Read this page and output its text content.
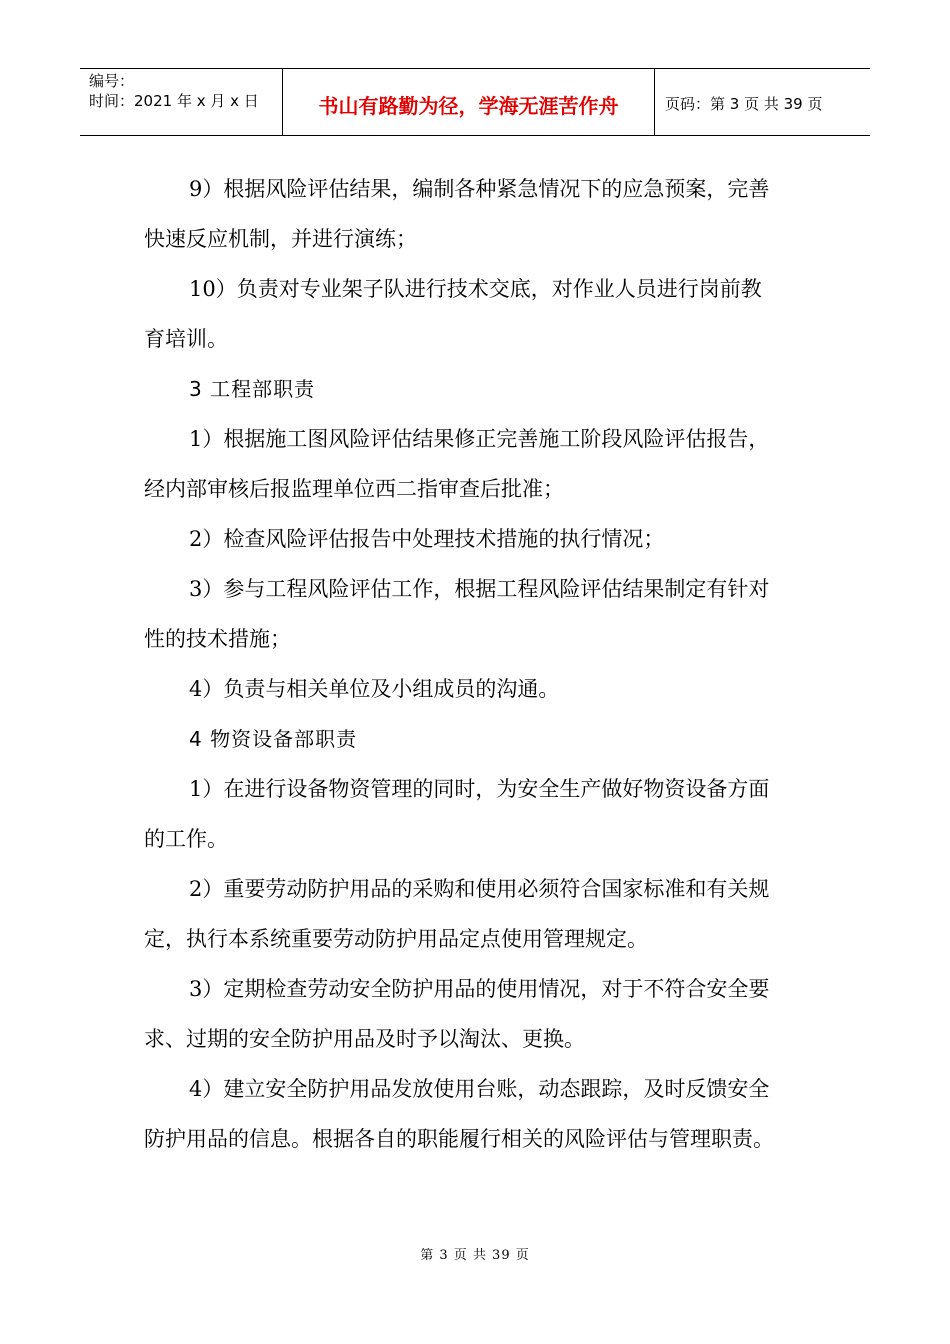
编号：
时间：2021 年 x 月 x 日	书山有路勤为径，学海无涯苦作舟	页码：第 3 页 共 39 页
9）根据风险评估结果，编制各种紧急情况下的应急预案，完善
快速反应机制，并进行演练；
10）负责对专业架子队进行技术交底，对作业人员进行岗前教
育培训。
3 工程部职责
1）根据施工图风险评估结果修正完善施工阶段风险评估报告，
经内部审核后报监理单位西二指审查后批准；
2）检查风险评估报告中处理技术措施的执行情况；
3）参与工程风险评估工作，根据工程风险评估结果制定有针对
性的技术措施；
4）负责与相关单位及小组成员的沟通。
4 物资设备部职责
1）在进行设备物资管理的同时，为安全生产做好物资设备方面
的工作。
2）重要劳动防护用品的采购和使用必须符合国家标准和有关规
定，执行本系统重要劳动防护用品定点使用管理规定。
3）定期检查劳动安全防护用品的使用情况，对于不符合安全要
求、过期的安全防护用品及时予以淘汰、更换。
4）建立安全防护用品发放使用台账，动态跟踪，及时反馈安全
防护用品的信息。根据各自的职能履行相关的风险评估与管理职责。
第 3 页 共 39 页
